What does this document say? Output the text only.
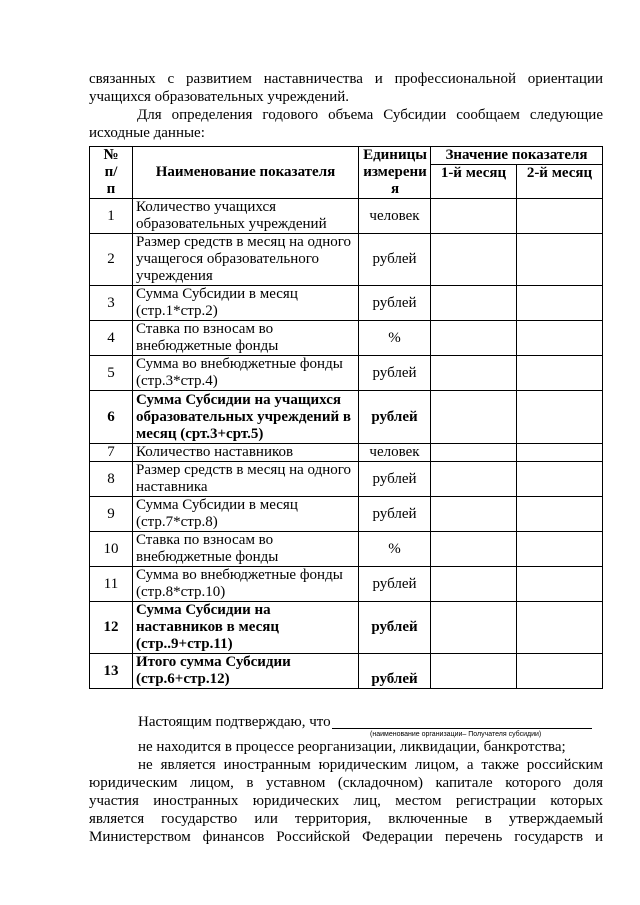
связанных с развитием наставничества и профессиональной ориентации
учащихся образовательных учреждений.
Для определения годового объема Субсидии сообщаем следующие
исходные данные:
№ п/п	Наименование показателя	Единицы измерени я	Значение показателя	
			1-й месяц	2-й месяц
1	Количество учащихся образовательных учреждений	человек		
2	Размер средств в месяц на одного учащегося образовательного учреждения	рублей		
3	Сумма Субсидии в месяц (стр.1*стр.2)	рублей		
4	Ставка по взносам во внебюджетные фонды	%		
5	Сумма во внебюджетные фонды (стр.3*стр.4)	рублей		
6	Сумма Субсидии на учащихся образовательных учреждений в месяц (срт.3+срт.5)	рублей		
7	Количество наставников	человек		
8	Размер средств в месяц на одного наставника	рублей		
9	Сумма Субсидии в месяц (стр.7*стр.8)	рублей		
10	Ставка по взносам во внебюджетные фонды	%		
11	Сумма во внебюджетные фонды (стр.8*стр.10)	рублей		
12	Сумма Субсидии на наставников в месяц (стр..9+стр.11)	рублей		
13	Итого сумма Субсидии (стр.6+стр.12)	рублей		
Настоящим подтверждаю, что
(наименование организации– Получателя субсидии)
не находится в процессе реорганизации, ликвидации, банкротства;
не является иностранным юридическим лицом, а также российским
юридическим лицом, в уставном (складочном) капитале которого доля
участия иностранных юридических лиц, местом регистрации которых
является государство или территория, включенные в утверждаемый
Министерством финансов Российской Федерации перечень государств и
